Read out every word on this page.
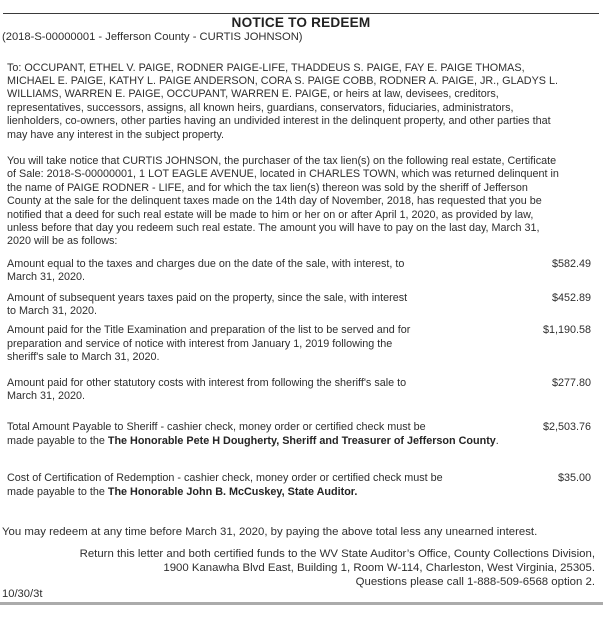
NOTICE TO REDEEM
(2018-S-00000001 - Jefferson County - CURTIS JOHNSON)
To: OCCUPANT, ETHEL V. PAIGE, RODNER PAIGE-LIFE, THADDEUS S. PAIGE, FAY E. PAIGE THOMAS,
MICHAEL E. PAIGE, KATHY L. PAIGE ANDERSON, CORA S. PAIGE COBB, RODNER A. PAIGE, JR., GLADYS L.
WILLIAMS, WARREN E. PAIGE, OCCUPANT, WARREN E. PAIGE, or heirs at law, devisees, creditors,
representatives, successors, assigns, all known heirs, guardians, conservators, fiduciaries, administrators,
lienholders, co-owners, other parties having an undivided interest in the delinquent property, and other parties that
may have any interest in the subject property.
You will take notice that CURTIS JOHNSON, the purchaser of the tax lien(s) on the following real estate, Certificate
of Sale: 2018-S-00000001, 1 LOT EAGLE AVENUE, located in CHARLES TOWN, which was returned delinquent in
the name of PAIGE RODNER - LIFE, and for which the tax lien(s) thereon was sold by the sheriff of Jefferson
County at the sale for the delinquent taxes made on the 14th day of November, 2018, has requested that you be
notified that a deed for such real estate will be made to him or her on or after April 1, 2020, as provided by law,
unless before that day you redeem such real estate. The amount you will have to pay on the last day, March 31,
2020 will be as follows:
Amount equal to the taxes and charges due on the date of the sale, with interest, to
March 31, 2020.
$582.49
Amount of subsequent years taxes paid on the property, since the sale, with interest
to March 31, 2020.
$452.89
Amount paid for the Title Examination and preparation of the list to be served and for
preparation and service of notice with interest from January 1, 2019 following the
sheriff's sale to March 31, 2020.
$1,190.58
Amount paid for other statutory costs with interest from following the sheriff's sale to
March 31, 2020.
$277.80
Total Amount Payable to Sheriff - cashier check, money order or certified check must be
made payable to the The Honorable Pete H Dougherty, Sheriff and Treasurer of Jefferson County.
$2,503.76
Cost of Certification of Redemption - cashier check, money order or certified check must be
made payable to the The Honorable John B. McCuskey, State Auditor.
$35.00
You may redeem at any time before March 31, 2020, by paying the above total less any unearned interest.
Return this letter and both certified funds to the WV State Auditor’s Office, County Collections Division,
1900 Kanawha Blvd East, Building 1, Room W-114, Charleston, West Virginia, 25305.
Questions please call 1-888-509-6568 option 2.
10/30/3t
